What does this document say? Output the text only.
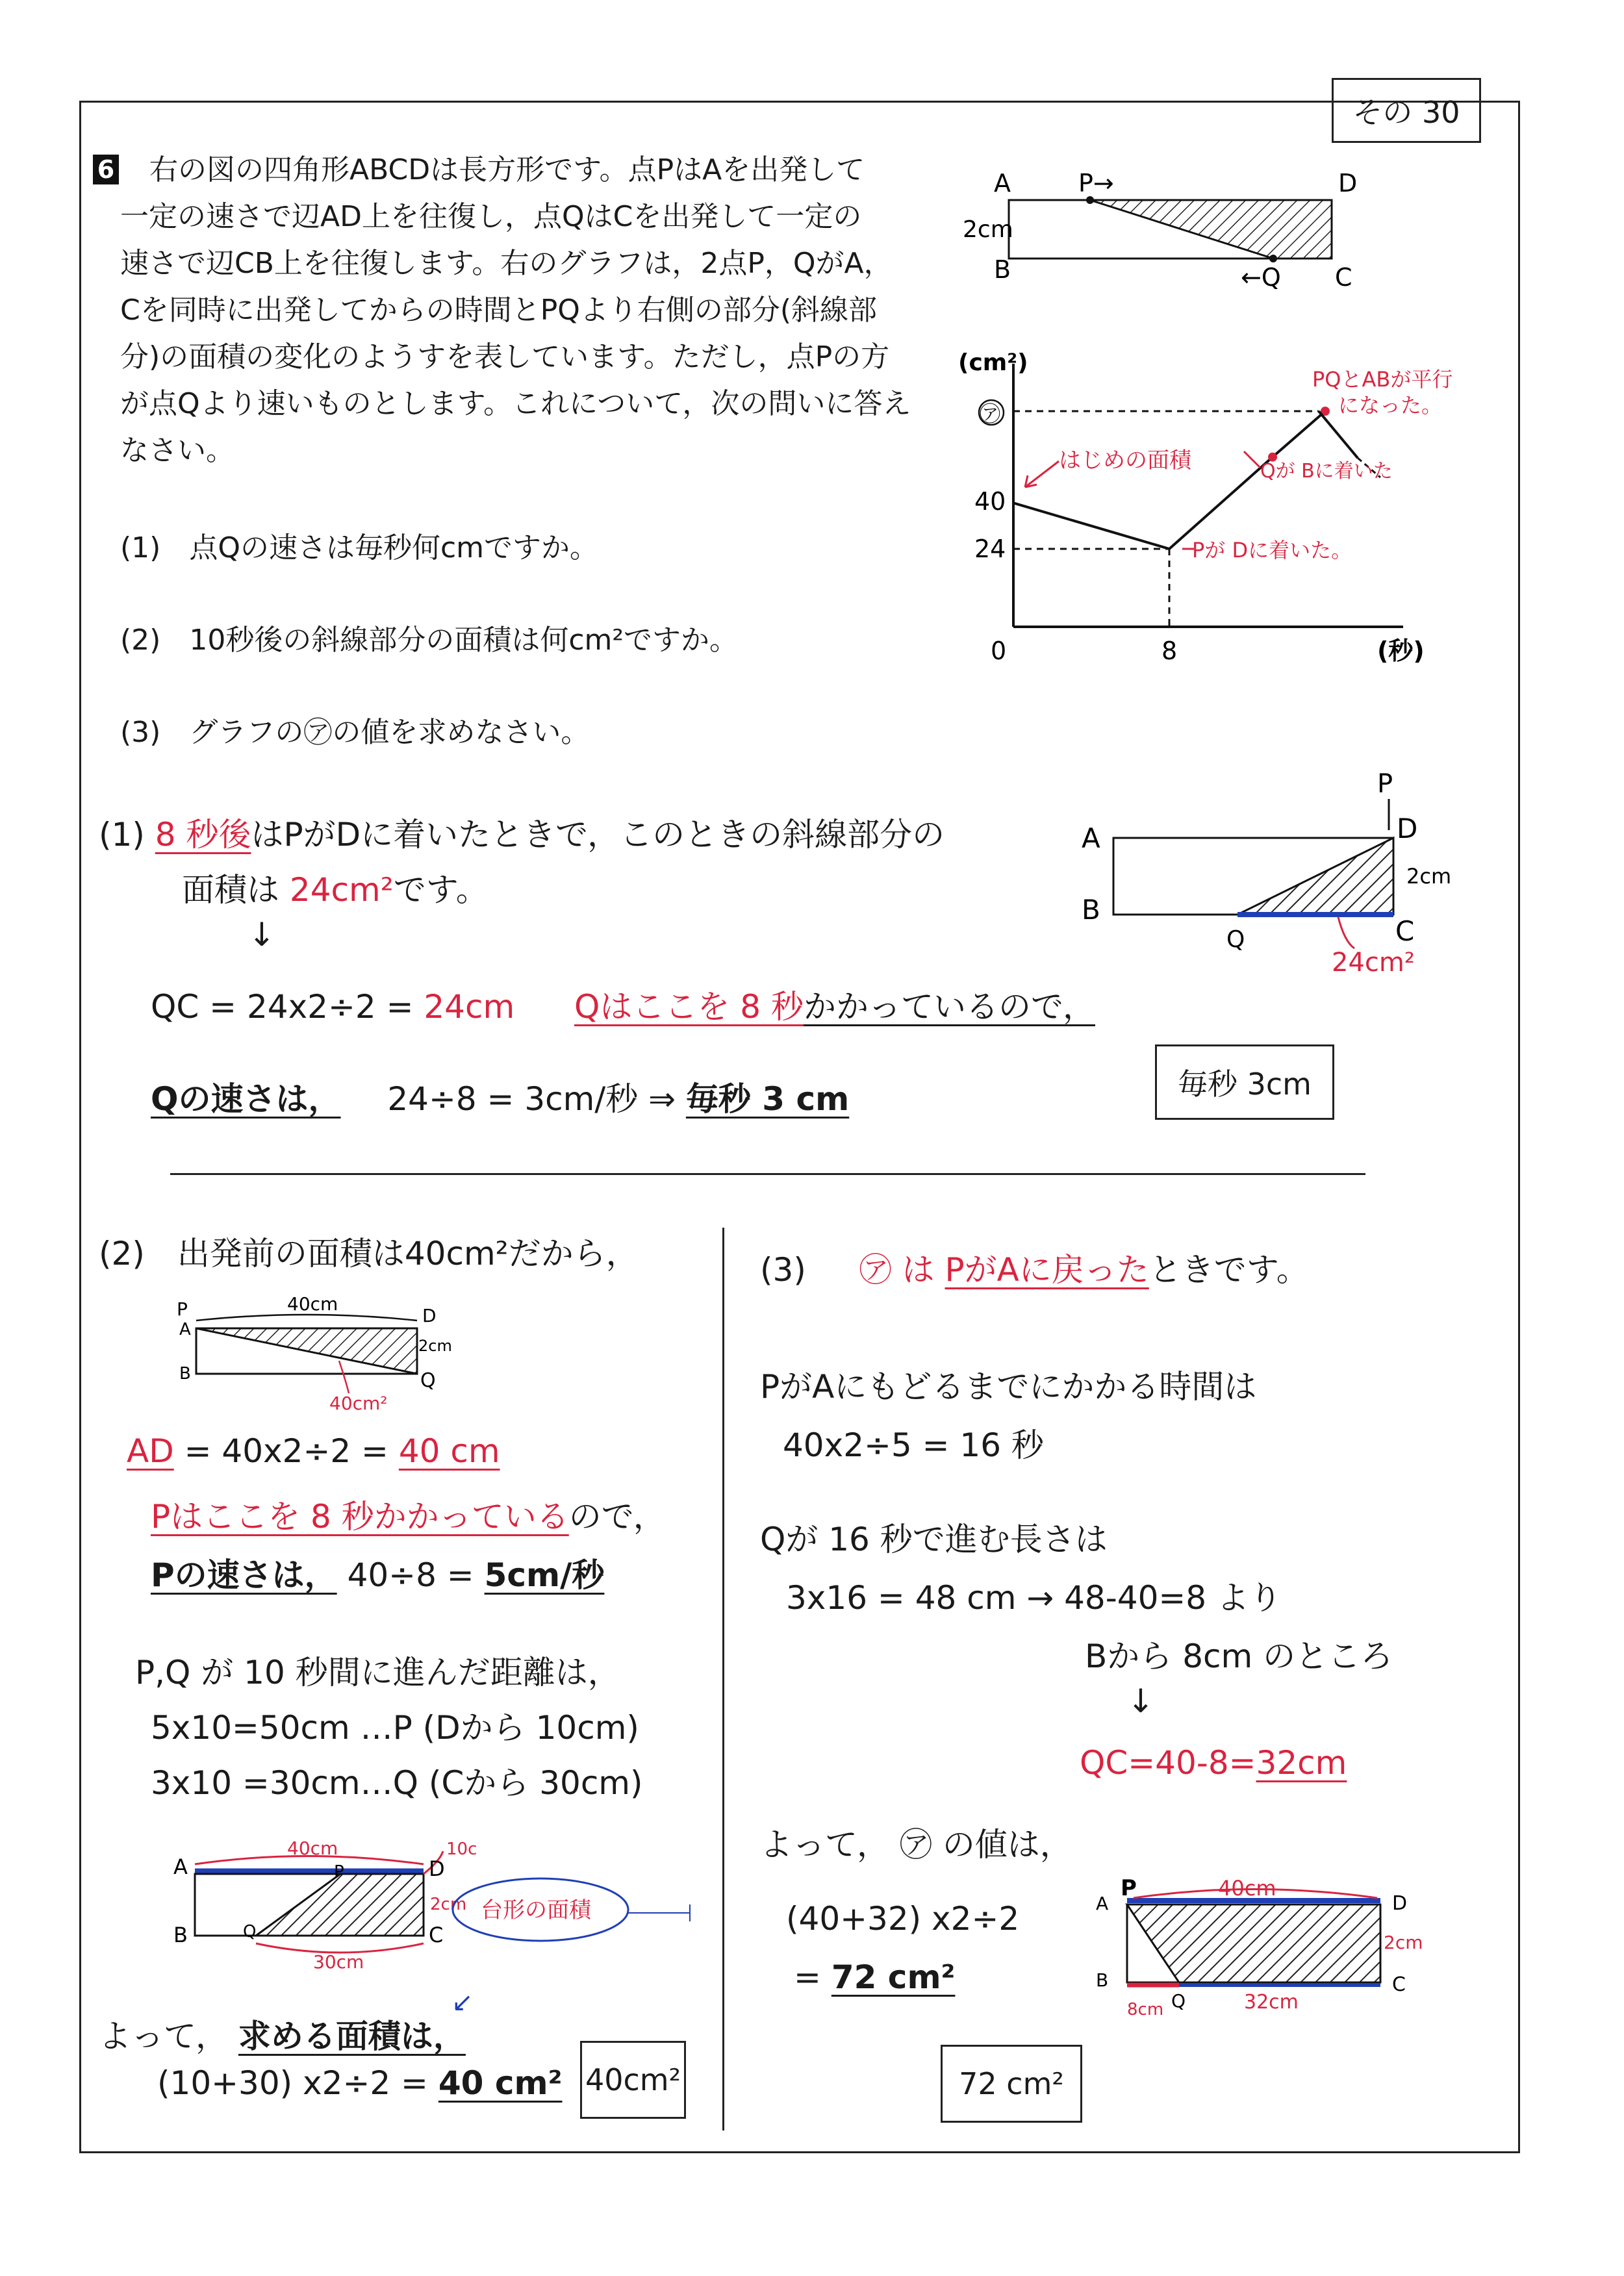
その 30
6 右の図の四角形ABCDは長方形です。点PはAを出発して
一定の速さで辺AD上を往復し，点QはCを出発して一定の
速さで辺CB上を往復します。右のグラフは，2点P，QがA，
Cを同時に出発してからの時間とPQより右側の部分(斜線部
分)の面積の変化のようすを表しています。ただし，点Pの方
が点Qより速いものとします。これについて，次の問いに答え
なさい。
(1)　点Qの速さは毎秒何cmですか。
(2)　10秒後の斜線部分の面積は何cm²ですか。
(3)　グラフの㋐の値を求めなさい。
A	P→	D
2cm
B	←Q C
(cm²)
㋐
40
24
0	8	(秒)
はじめの面積
Pが Dに着いた。
Qが Bに着いた
PQとABが平行
になった。
(1) 8 秒後はPがDに着いたときで，このときの斜線部分の
面積は 24cm²です。
↓
QC = 24x2÷2 = 24cm Qはここを 8 秒かかっているので，
Qの速さは， 24÷8 = 3cm/秒 ⇒ 毎秒 3 cm	毎秒 3cm
P
A	D
2cm
B
Q	C
24cm²
(2)　出発前の面積は40cm²だから，
40cm
P
A
D
2cm
B	Q
40cm²
AD = 40x2÷2 = 40 cm
Pはここを 8 秒かかっているので，
Pの速さは， 40÷8 = 5cm/秒
P,Q が 10 秒間に進んだ距離は，
5x10=50cm …P (Dから 10cm)
3x10 =30cm…Q (Cから 30cm)
40cm	10c
A	D
P
2cm
B	Q	C
30cm
台形の面積
↙
よって， 求める面積は，
(10+30) x2÷2 = 40 cm² 40cm²
(3) ㋐ は PがAに戻ったときです。
PがAにもどるまでにかかる時間は
40x2÷5 = 16 秒
Qが 16 秒で進む長さは
3x16 = 48 cm → 48-40=8 より
Bから 8cm のところ
↓
QC=40-8=32cm
よって， ㋐ の値は，
(40+32) x2÷2
= 72 cm²
40cm
P
A	D
2cm
B
Q
C
8cm	32cm
72 cm²
